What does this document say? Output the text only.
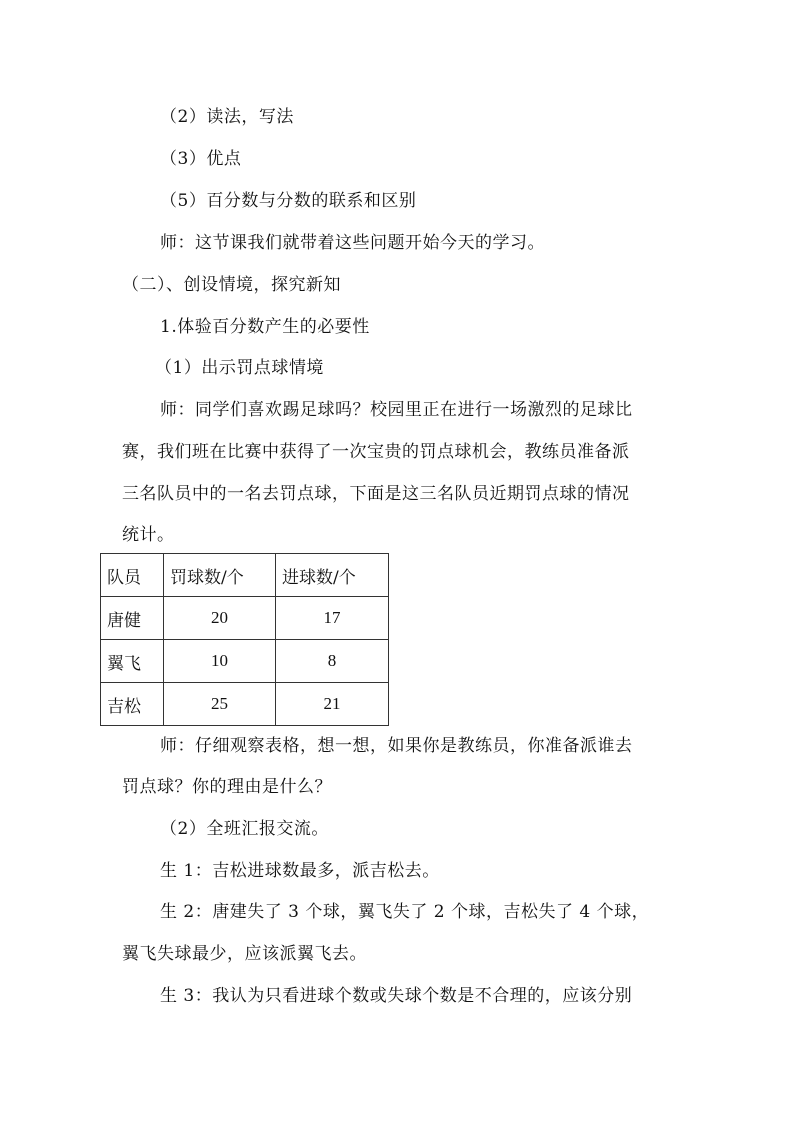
（2）读法，写法
（3）优点
（5）百分数与分数的联系和区别
师：这节课我们就带着这些问题开始今天的学习。
（二）、创设情境，探究新知
1.体验百分数产生的必要性
（1）出示罚点球情境
师：同学们喜欢踢足球吗？校园里正在进行一场激烈的足球比
赛，我们班在比赛中获得了一次宝贵的罚点球机会，教练员准备派
三名队员中的一名去罚点球，下面是这三名队员近期罚点球的情况
统计。
队员	罚球数/个	进球数/个
唐健	20	17
翼飞	10	8
吉松	25	21
师：仔细观察表格，想一想，如果你是教练员，你准备派谁去
罚点球？你的理由是什么？
（2）全班汇报交流。
生 1：吉松进球数最多，派吉松去。
生 2：唐建失了 3 个球，翼飞失了 2 个球，吉松失了 4 个球，
翼飞失球最少，应该派翼飞去。
生 3：我认为只看进球个数或失球个数是不合理的，应该分别
